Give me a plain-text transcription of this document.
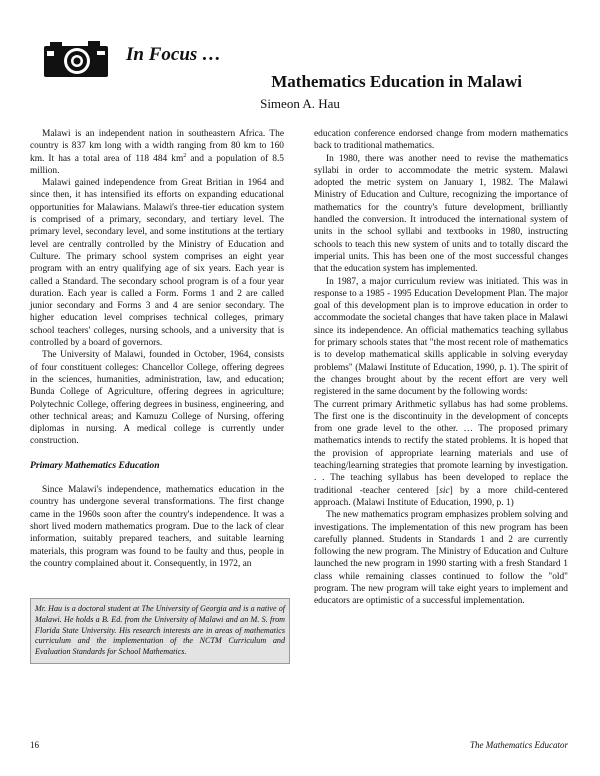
In Focus …
Mathematics Education in Malawi
Simeon A. Hau

Malawi is an independent nation in southeastern Africa. The country is 837 km long with a width ranging from 80 km to 160 km. It has a total area of 118 484 $km^2$ and a population of 8.5 million.

Malawi gained independence from Great Britian in 1964 and since then, it has intensified its efforts on expanding educational opportunities for Malawians. Malawi's three-tier education system is comprised of a primary, secondary, and tertiary level. The primary level, secondary level, and some institutions at the tertiary level are centrally controlled by the Ministry of Education and Culture. The primary school system comprises an eight year program with an entry qualifying age of six years. Each year is called a Standard. The secondary school program is of a four year duration. Each year is called a Form. Forms 1 and 2 are called junior secondary and Forms 3 and 4 are senior secondary. The higher education level comprises technical colleges, primary school teachers' colleges, nursing schools, and a university that is controlled by a board of governors.

The University of Malawi, founded in October, 1964, consists of four constituent colleges: Chancellor College, offering degrees in the sciences, humanities, administration, law, and education; Bunda College of Agriculture, offering degrees in agriculture; Polytechnic College, offering degrees in business, engineering, and other technical areas; and Kamuzu College of Nursing, offering diplomas in nursing. A medical college is currently under construction.

Primary Mathematics Education

Since Malawi's independence, mathematics education in the country has undergone several transformations. The first change came in the 1960s soon after the country's independence. It was a short lived modern mathematics program. Due to the lack of clear information, suitably prepared teachers, and suitable learning materials, this program was found to be faulty and thus, people in the country complained about it. Consequently, in 1972, an

Mr. Hau is a doctoral student at The University of Georgia and is a native of Malawi. He holds a B. Ed. from the University of Malawi and an M. S. from Florida State University. His research interests are in areas of mathematics curriculum and the implementation of the NCTM Curriculum and Evaluation Standards for School Mathematics.

education conference endorsed change from modern mathematics back to traditional mathematics.

In 1980, there was another need to revise the mathematics syllabi in order to accommodate the metric system. Malawi adopted the metric system on January 1, 1982. The Malawi Ministry of Education and Culture, recognizing the importance of mathematics for the country's future development, brilliantly handled the conversion. It introduced the international system of units in the school syllabi and textbooks in 1980, instructing schools to teach this new system of units and to totally discard the imperial units. This has been one of the most successful changes that the education system has implemented.

In 1987, a major curriculum review was initiated. This was in response to a 1985 - 1995 Education Development Plan. The major goal of this development plan is to improve education in order to accommodate the societal changes that have taken place in Malawi since its independence. An official mathematics teaching syllabus for primary schools states that "the most recent role of mathematics is to develop mathematical skills applicable in solving everyday problems" (Malawi Institute of Education, 1990, p. 1). The spirit of the changes brought about by the recent effort are very well registered in the same document by the following words:

The current primary Arithmetic syllabus has had some problems. The first one is the discontinuity in the development of concepts from one grade level to the other. … The proposed primary mathematics intends to rectify the stated problems. It is hoped that the provision of appropriate learning materials and use of teaching/learning strategies that promote learning by investigation. . . The teaching syllabus has been developed to replace the traditional -teacher centered [sic] by a more child-centered approach. (Malawi Institute of Education, 1990, p. 1)

The new mathematics program emphasizes problem solving and investigations. The implementation of this new program has been carefully planned. Students in Standards 1 and 2 are currently following the new program. The Ministry of Education and Culture launched the new program in 1990 starting with a fresh Standard 1 class while remaining classes continued to follow the "old" program. The new program will take eight years to implement and educators are optimistic of a successful implementation.

16	The Mathematics Educator
